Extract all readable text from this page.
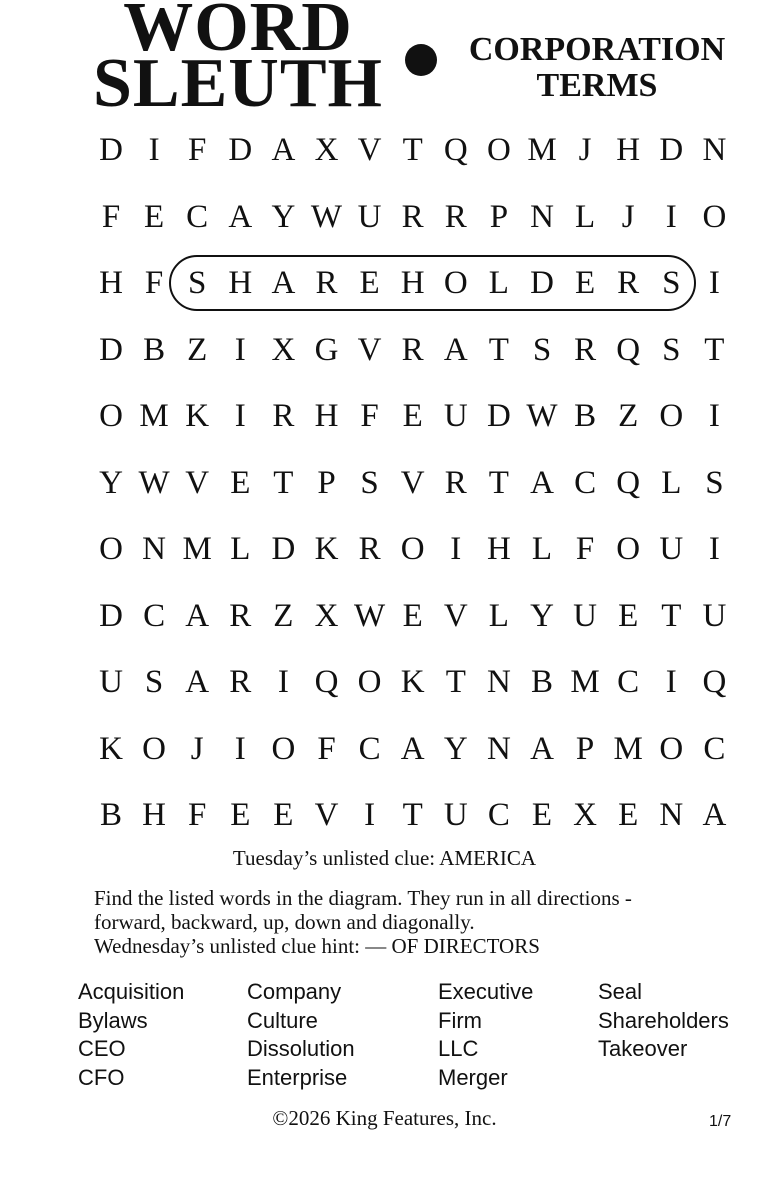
WORD
SLEUTH	CORPORATION
TERMS
D I F D A X V T Q O M J H D N
F E C A Y W U R R P N L J I O
H F S H A R E H O L D E R S I
D B Z I X G V R A T S R Q S T
O M K I R H F E U D W B Z O I
Y W V E T P S V R T A C Q L S
O N M L D K R O I H L F O U I
D C A R Z X W E V L Y U E T U
U S A R I Q O K T N B M C I Q
K O J I O F C A Y N A P M O C
B H F E E V I T U C E X E N A
Tuesday’s unlisted clue: AMERICA
Find the listed words in the diagram. They run in all directions -
forward, backward, up, down and diagonally.
Wednesday’s unlisted clue hint: — OF DIRECTORS
Acquisition
Bylaws
CEO
CFO
Company
Culture
Dissolution
Enterprise
Executive
Firm
LLC
Merger
Seal
Shareholders
Takeover
©2026 King Features, Inc.	1/7
